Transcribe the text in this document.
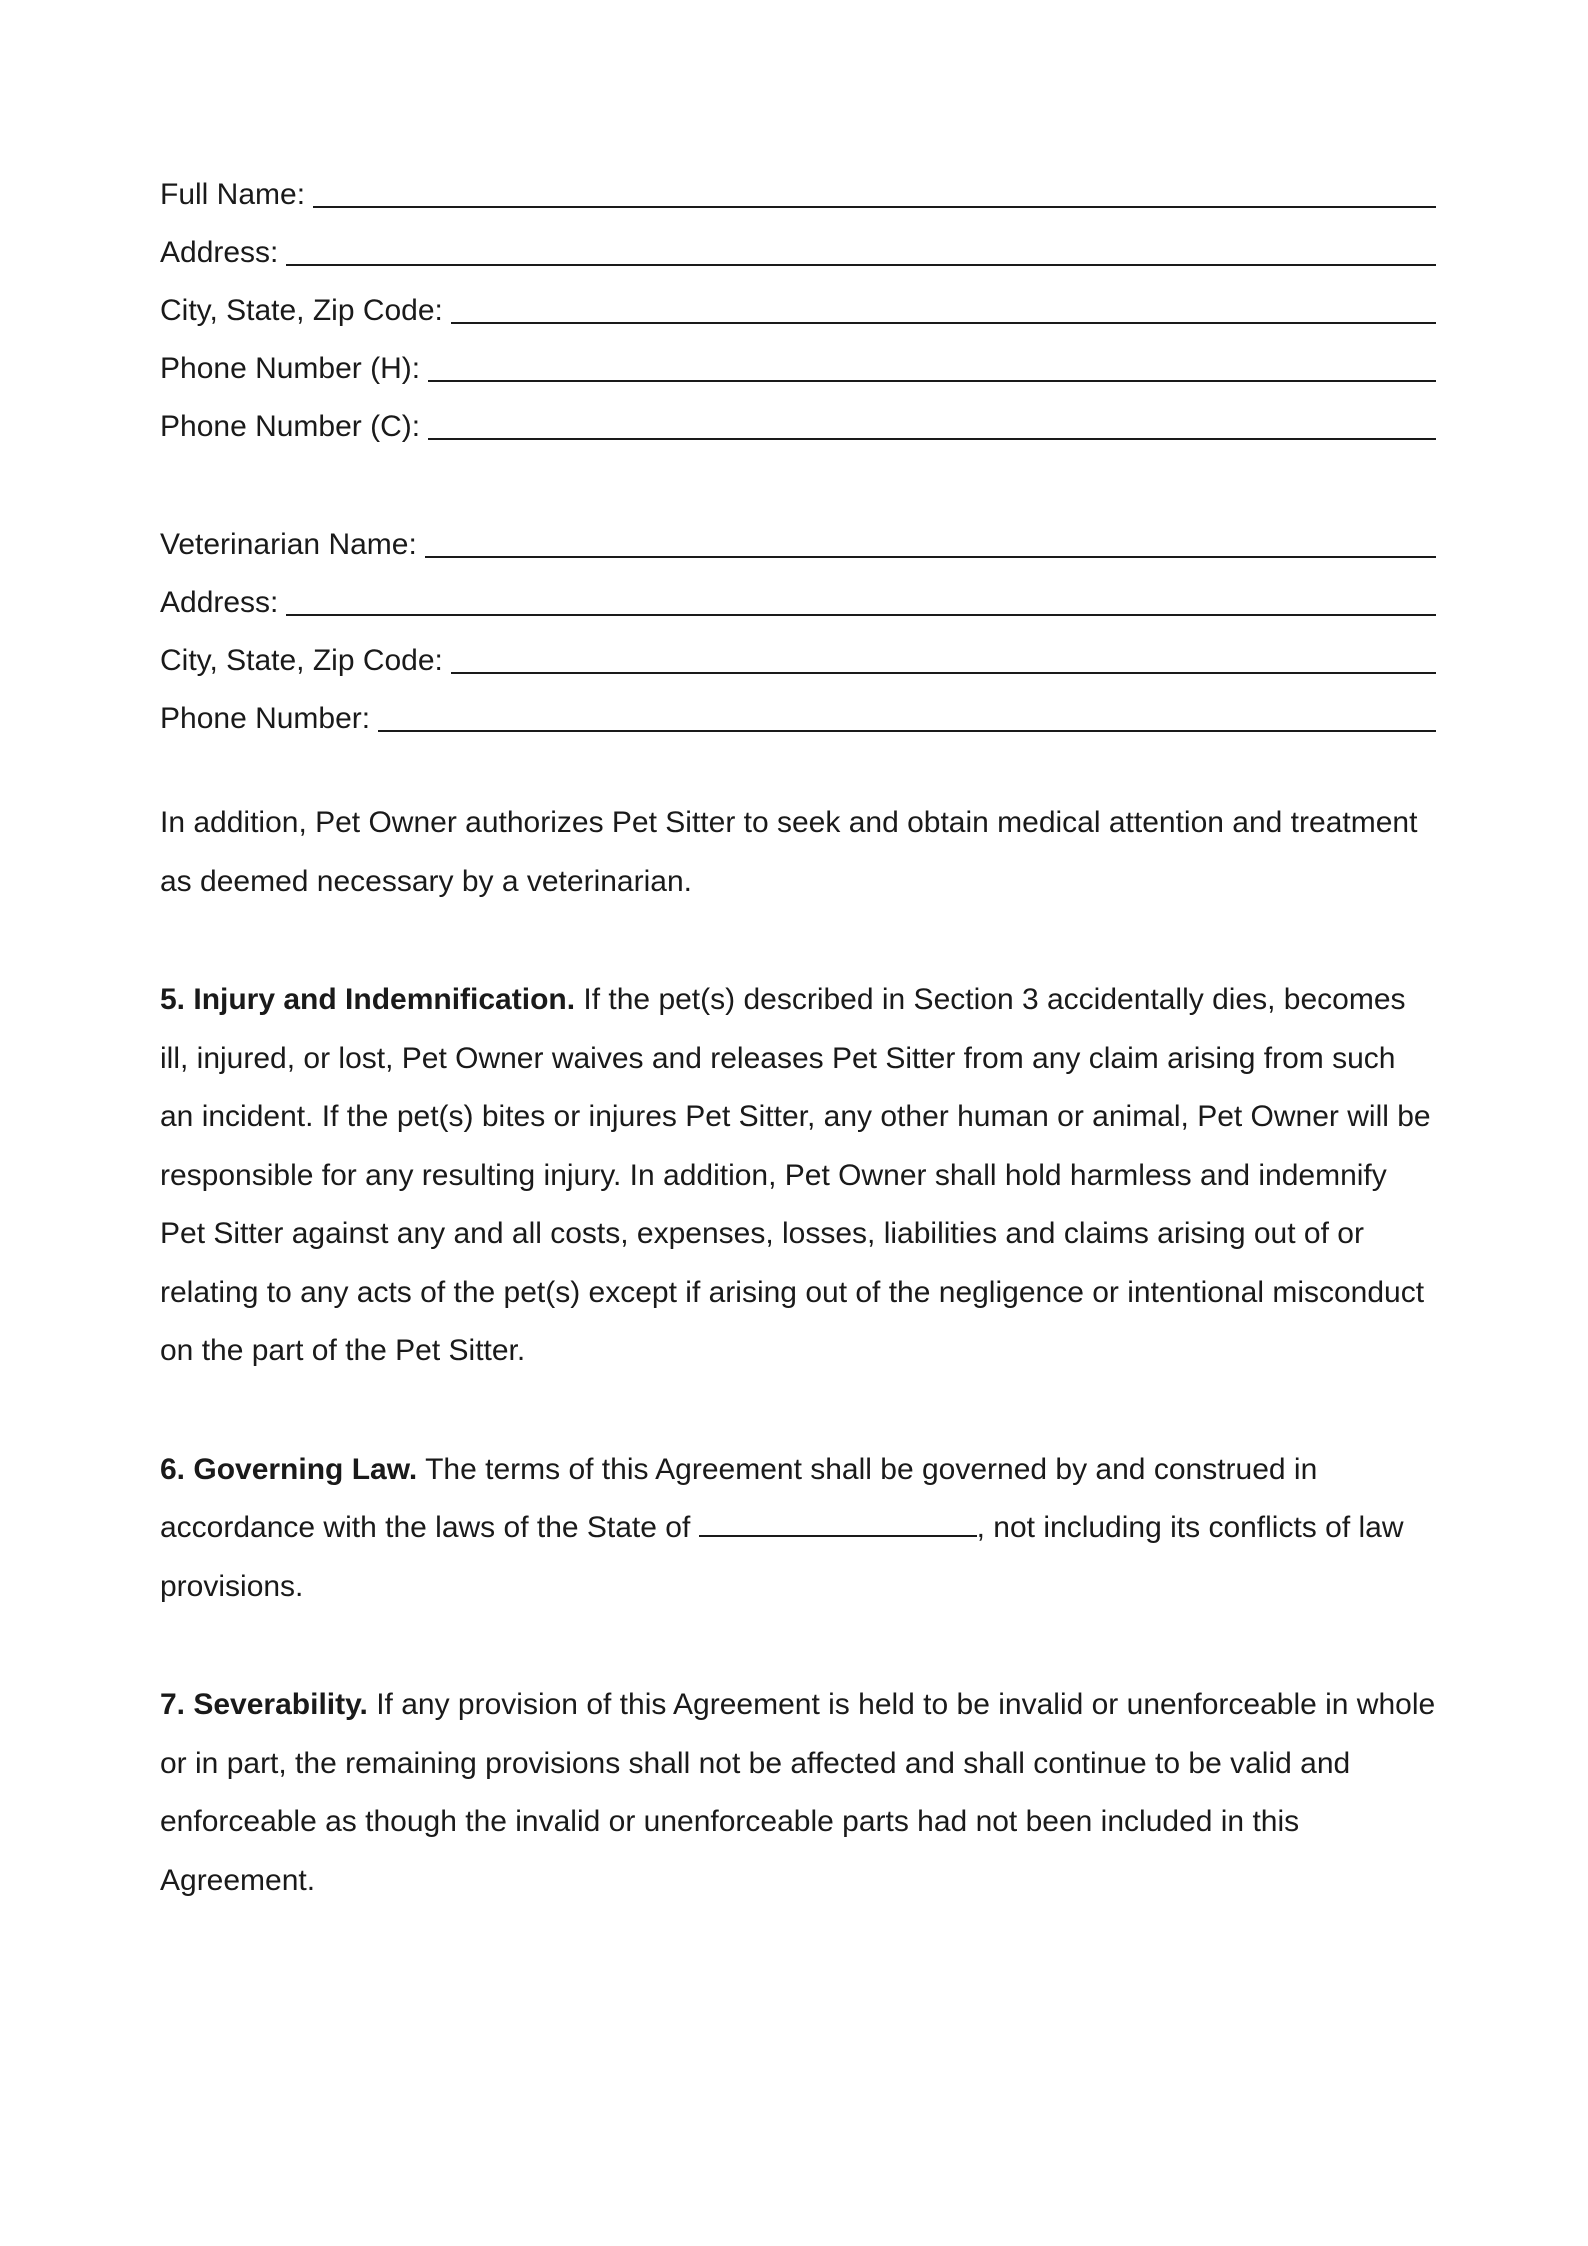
Full Name:
Address:
City, State, Zip Code:
Phone Number (H):
Phone Number (C):
Veterinarian Name:
Address:
City, State, Zip Code:
Phone Number:

In addition, Pet Owner authorizes Pet Sitter to seek and obtain medical attention and treatment as deemed necessary by a veterinarian.

5. Injury and Indemnification. If the pet(s) described in Section 3 accidentally dies, becomes ill, injured, or lost, Pet Owner waives and releases Pet Sitter from any claim arising from such an incident. If the pet(s) bites or injures Pet Sitter, any other human or animal, Pet Owner will be responsible for any resulting injury. In addition, Pet Owner shall hold harmless and indemnify Pet Sitter against any and all costs, expenses, losses, liabilities and claims arising out of or relating to any acts of the pet(s) except if arising out of the negligence or intentional misconduct on the part of the Pet Sitter.

6. Governing Law. The terms of this Agreement shall be governed by and construed in accordance with the laws of the State of	, not including its conflicts of law provisions.

7. Severability. If any provision of this Agreement is held to be invalid or unenforceable in whole or in part, the remaining provisions shall not be affected and shall continue to be valid and enforceable as though the invalid or unenforceable parts had not been included in this Agreement.
